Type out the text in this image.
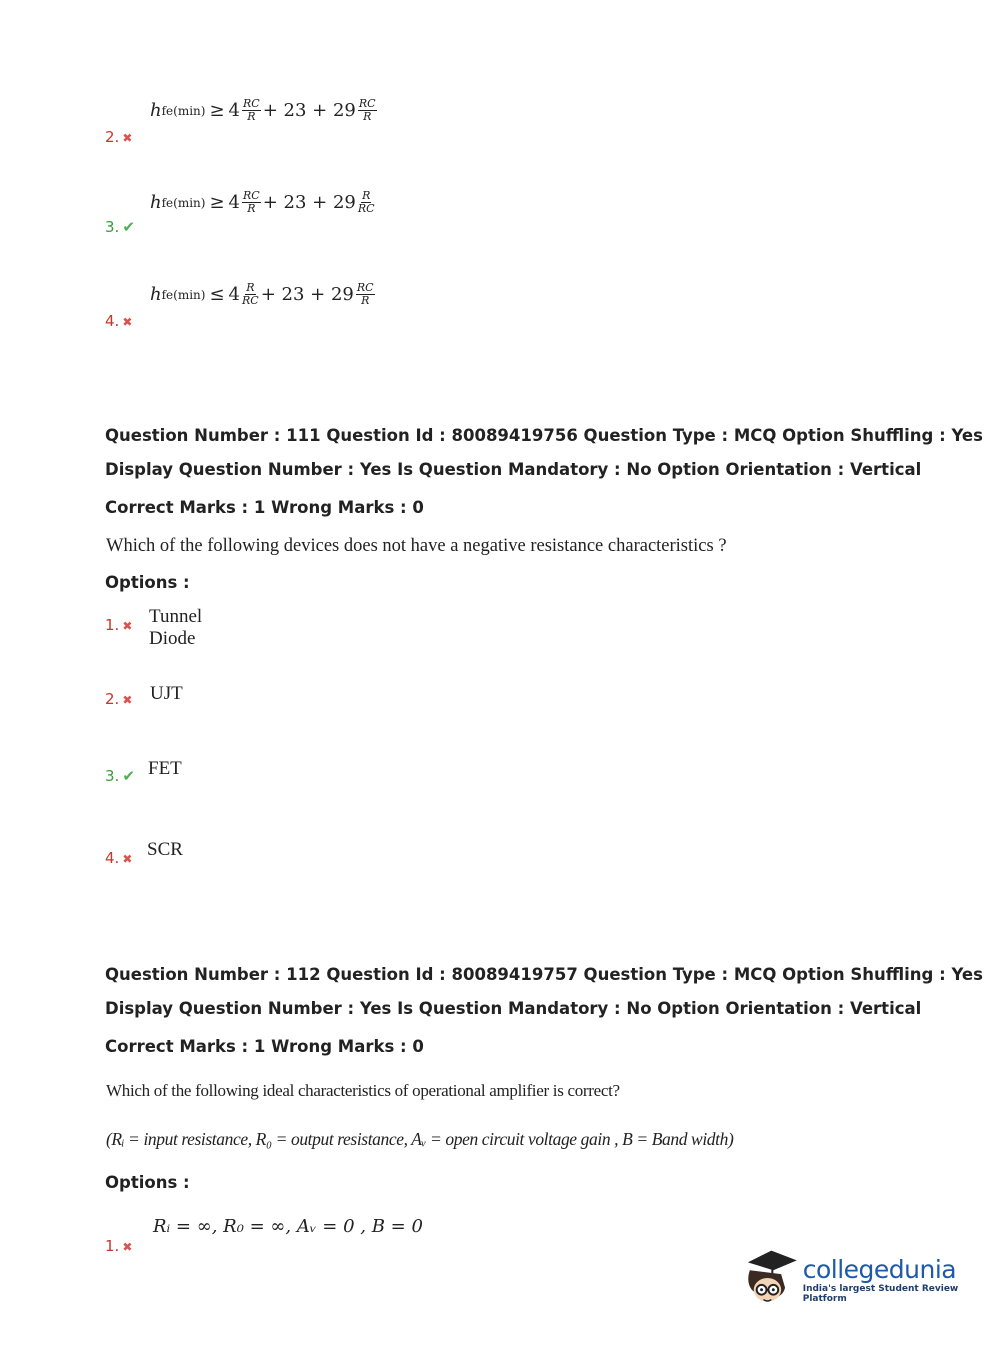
h $fe(\min) \ge 4 \frac{RC}{R} + 23 + 29 \frac{RC}{R}$
2. ✖
h $fe(\min) \ge 4 \frac{RC}{R} + 23 + 29 \frac{R}{RC}$
3. ✔
h $fe(\min) \le 4 \frac{R}{RC} + 23 + 29 \frac{RC}{R}$
4. ✖
Question Number : 111 Question Id : 80089419756 Question Type : MCQ Option Shuffling : Yes
Display Question Number : Yes Is Question Mandatory : No Option Orientation : Vertical
Correct Marks : 1 Wrong Marks : 0
Which of the following devices does not have a negative resistance characteristics ?
Options :
Tunnel Diode
1. ✖
UJT
2. ✖
FET
3. ✔
SCR
4. ✖
Question Number : 112 Question Id : 80089419757 Question Type : MCQ Option Shuffling : Yes
Display Question Number : Yes Is Question Mandatory : No Option Orientation : Vertical
Correct Marks : 1 Wrong Marks : 0
Which of the following ideal characteristics of operational amplifier is correct?
(Rᵢ = input resistance, R₀ = output resistance, Aᵥ = open circuit voltage gain , B = Band width)
Options :
Rᵢ = ∞, R₀ = ∞, Aᵥ = 0 , B = 0
1. ✖
collegedunia
India's largest Student Review Platform
